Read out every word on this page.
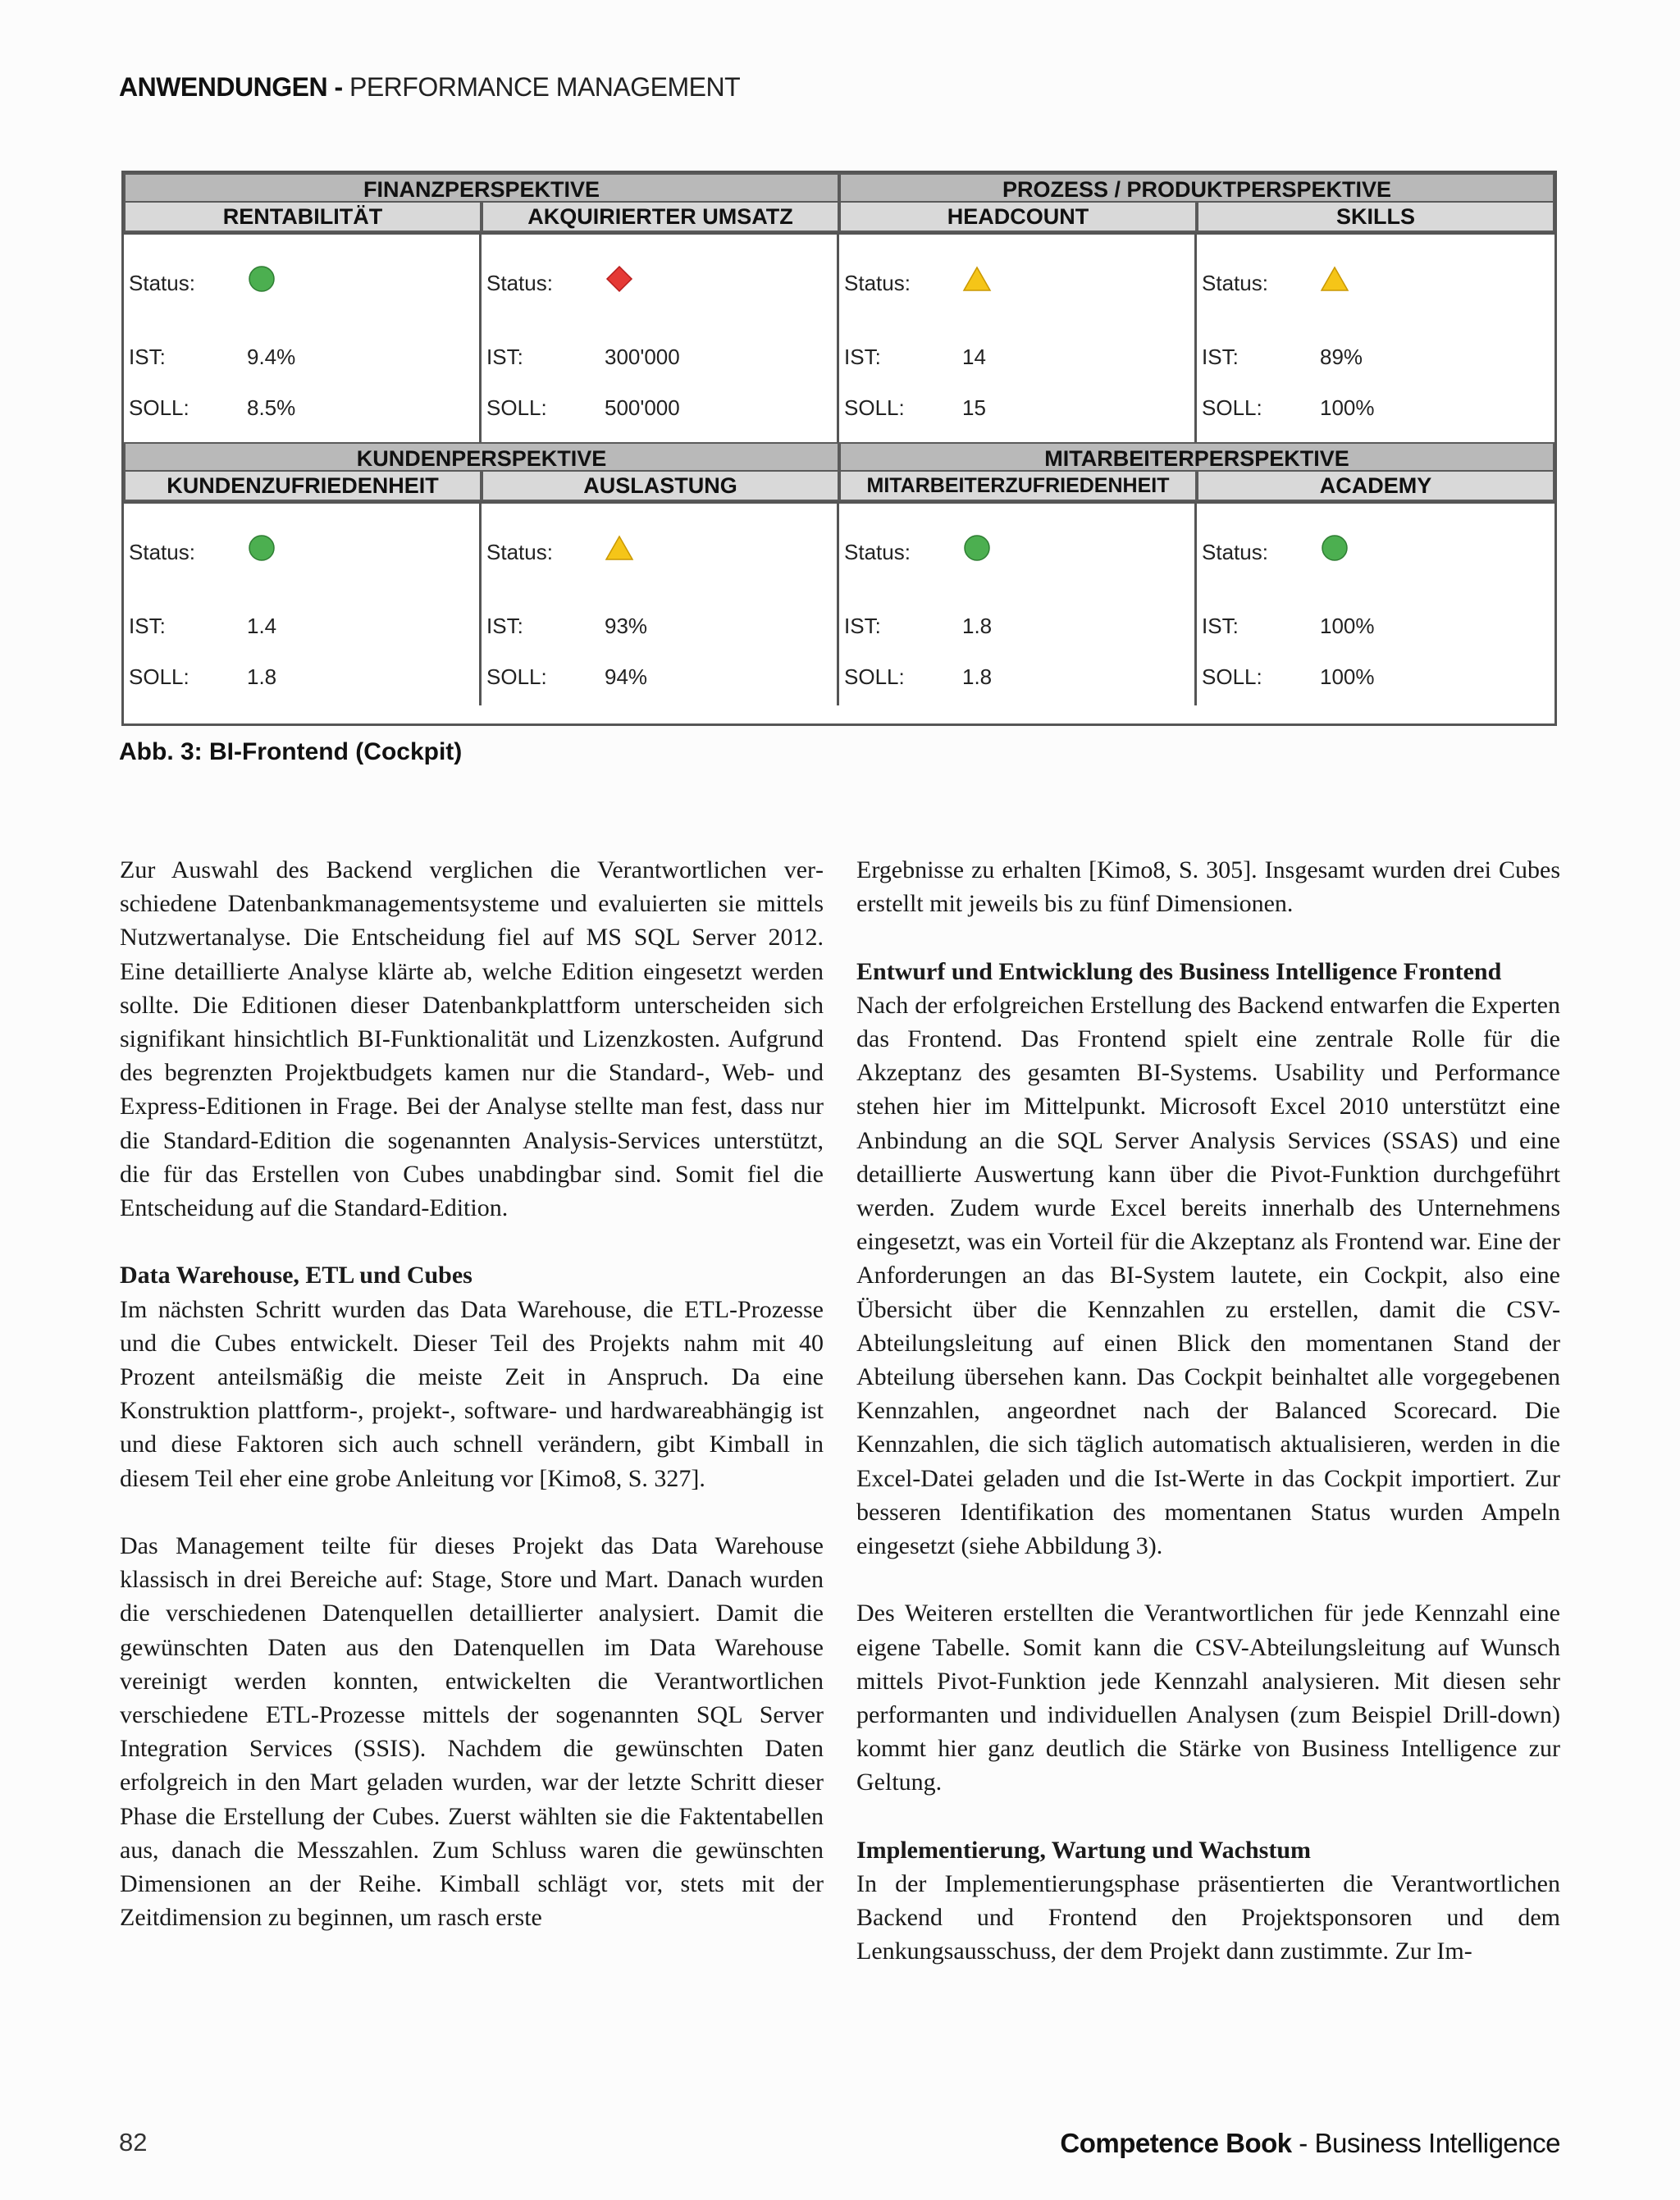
ANWENDUNGEN - PERFORMANCE MANAGEMENT
FINANZPERSPEKTIVE	PROZESS / PRODUKTPERSPEKTIVE
RENTABILITÄT	AKQUIRIERTER UMSATZ	HEADCOUNT	SKILLS
Status:
IST:	9.4%
SOLL:	8.5%
Status:
IST:	300'000
SOLL:	500'000
Status:
IST:	14
SOLL:	15
Status:
IST:	89%
SOLL:	100%
KUNDENPERSPEKTIVE	MITARBEITERPERSPEKTIVE
KUNDENZUFRIEDENHEIT	AUSLASTUNG	MITARBEITERZUFRIEDENHEIT	ACADEMY
Status:
IST:	1.4
SOLL:	1.8
Status:
IST:	93%
SOLL:	94%
Status:
IST:	1.8
SOLL:	1.8
Status:
IST:	100%
SOLL:	100%
Abb. 3: BI-Frontend (Cockpit)

Zur Auswahl des Backend verglichen die Verantwortlichen verschiedene Datenbankmanagementsysteme und evaluierten sie mittels Nutzwertanalyse. Die Entscheidung fiel auf MS SQL Server 2012. Eine detaillierte Analyse klärte ab, welche Edition eingesetzt werden sollte. Die Editionen dieser Datenbankplattform unterscheiden sich signifikant hinsichtlich BI-Funktionalität und Lizenzkosten. Aufgrund des begrenzten Projektbudgets kamen nur die Standard-, Web- und Express-Editionen in Frage. Bei der Analyse stellte man fest, dass nur die Standard-Edition die sogenannten Analysis-Services unterstützt, die für das Erstellen von Cubes unabdingbar sind. Somit fiel die Entscheidung auf die Standard-Edition.

Data Warehouse, ETL und Cubes

Im nächsten Schritt wurden das Data Warehouse, die ETL-Prozesse und die Cubes entwickelt. Dieser Teil des Projekts nahm mit 40 Prozent anteilsmäßig die meiste Zeit in Anspruch. Da eine Konstruktion plattform-, projekt-, software- und hardwareabhängig ist und diese Faktoren sich auch schnell verändern, gibt Kimball in diesem Teil eher eine grobe Anleitung vor [Kimo8, S. 327].

Das Management teilte für dieses Projekt das Data Warehouse klassisch in drei Bereiche auf: Stage, Store und Mart. Danach wurden die verschiedenen Datenquellen detaillierter analysiert. Damit die gewünschten Daten aus den Datenquellen im Data Warehouse vereinigt werden konnten, entwickelten die Verantwortlichen verschiedene ETL-Prozesse mittels der sogenannten SQL Server Integration Services (SSIS). Nachdem die gewünschten Daten erfolgreich in den Mart geladen wurden, war der letzte Schritt dieser Phase die Erstellung der Cubes. Zuerst wählten sie die Faktentabellen aus, danach die Messzahlen. Zum Schluss waren die gewünschten Dimensionen an der Reihe. Kimball schlägt vor, stets mit der Zeitdimension zu beginnen, um rasch erste

Ergebnisse zu erhalten [Kimo8, S. 305]. Insgesamt wurden drei Cubes erstellt mit jeweils bis zu fünf Dimensionen.

Entwurf und Entwicklung des Business Intelligence Frontend

Nach der erfolgreichen Erstellung des Backend entwarfen die Experten das Frontend. Das Frontend spielt eine zentrale Rolle für die Akzeptanz des gesamten BI-Systems. Usability und Performance stehen hier im Mittelpunkt. Microsoft Excel 2010 unterstützt eine Anbindung an die SQL Server Analysis Services (SSAS) und eine detaillierte Auswertung kann über die Pivot-Funktion durchgeführt werden. Zudem wurde Excel bereits innerhalb des Unternehmens eingesetzt, was ein Vorteil für die Akzeptanz als Frontend war. Eine der Anforderungen an das BI-System lautete, ein Cockpit, also eine Übersicht über die Kennzahlen zu erstellen, damit die CSV-Abteilungsleitung auf einen Blick den momentanen Stand der Abteilung übersehen kann. Das Cockpit beinhaltet alle vorgegebenen Kennzahlen, angeordnet nach der Balanced Scorecard. Die Kennzahlen, die sich täglich automatisch aktualisieren, werden in die Excel-Datei geladen und die Ist-Werte in das Cockpit importiert. Zur besseren Identifikation des momentanen Status wurden Ampeln eingesetzt (siehe Abbildung 3).

Des Weiteren erstellten die Verantwortlichen für jede Kennzahl eine eigene Tabelle. Somit kann die CSV-Abteilungsleitung auf Wunsch mittels Pivot-Funktion jede Kennzahl analysieren. Mit diesen sehr performanten und individuellen Analysen (zum Beispiel Drill-down) kommt hier ganz deutlich die Stärke von Business Intelligence zur Geltung.

Implementierung, Wartung und Wachstum

In der Implementierungsphase präsentierten die Verantwortlichen Backend und Frontend den Projektsponsoren und dem Lenkungsausschuss, der dem Projekt dann zustimmte. Zur Im-

82	Competence Book - Business Intelligence
